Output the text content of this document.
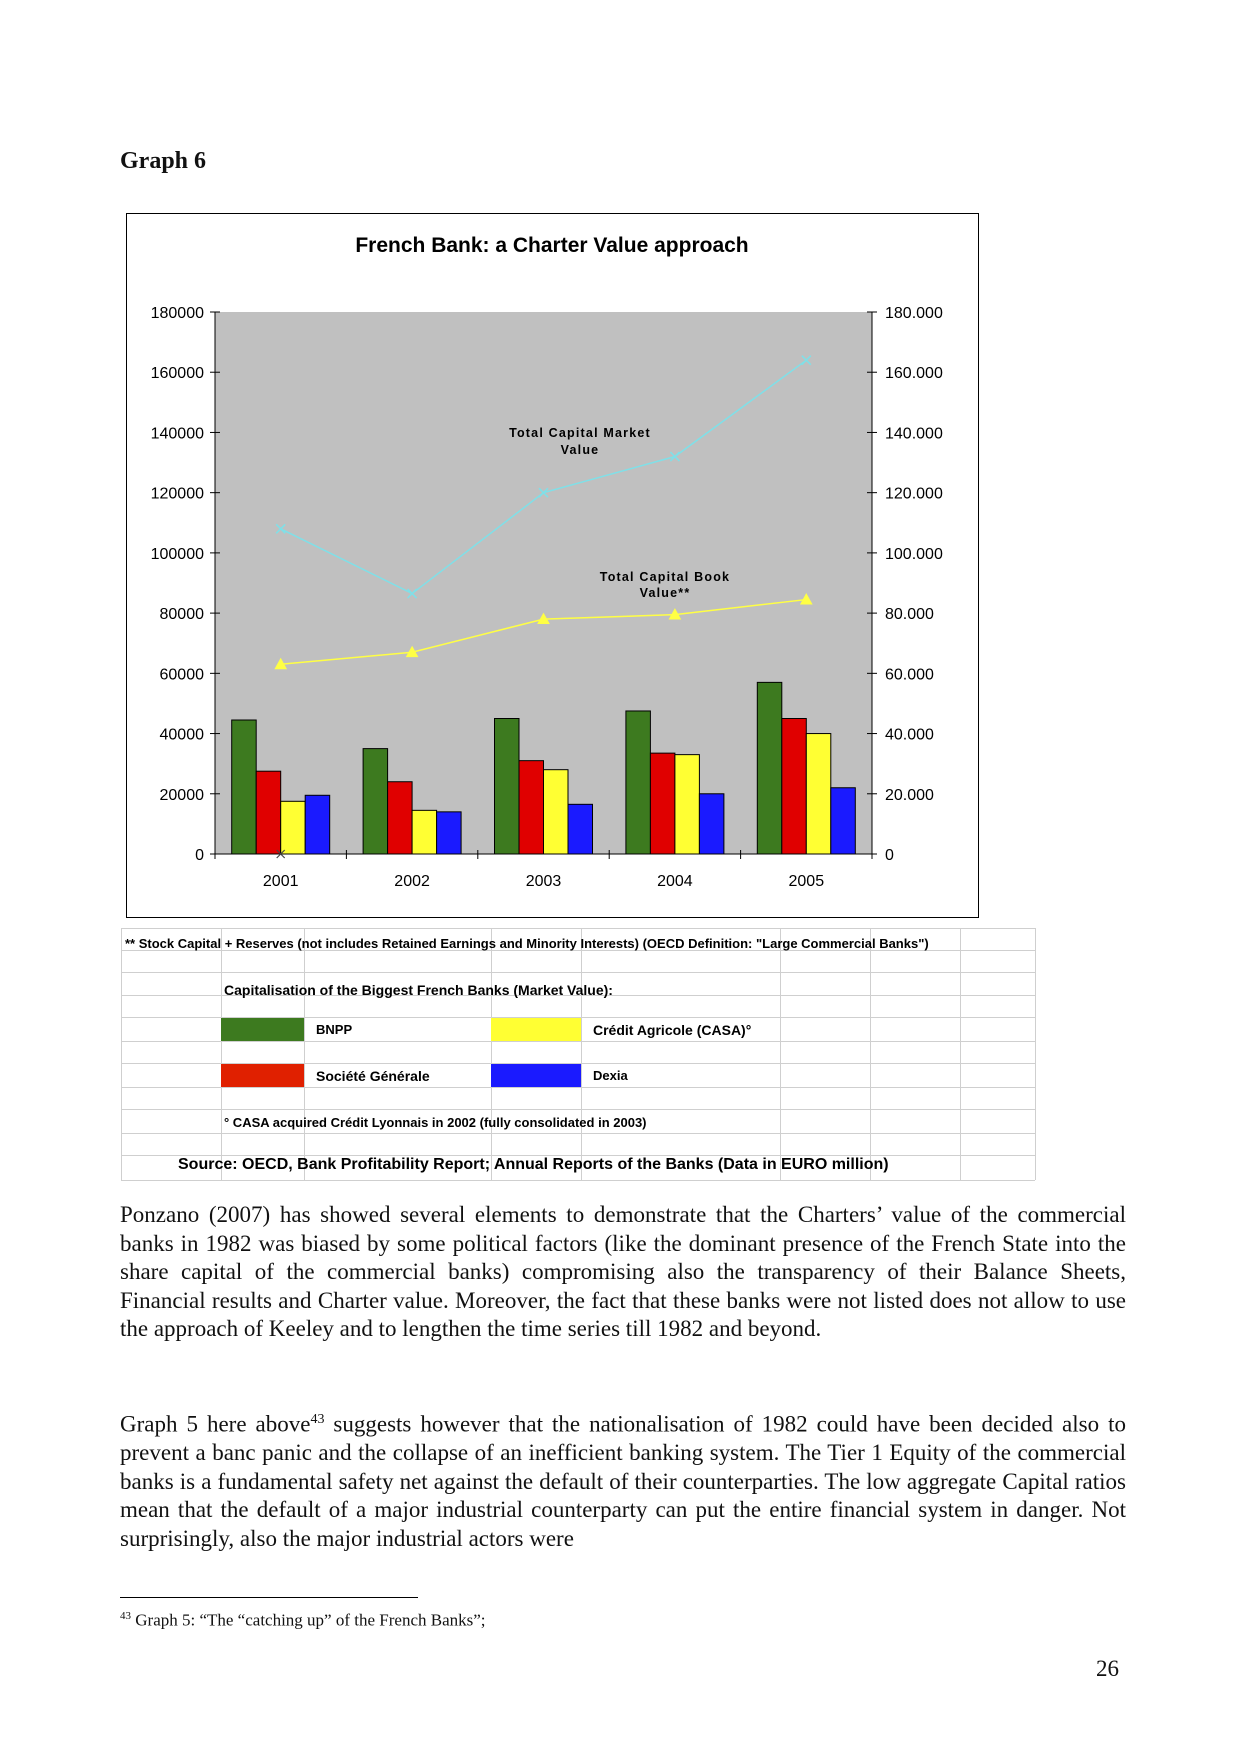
Graph 6
French Bank: a Charter Value approach
0	0
20000	20.000
40000	40.000
60000	60.000
80000	80.000
100000	100.000
120000	120.000
140000	140.000
160000	160.000
180000	180.000
2001	2002	2003	2004	2005
Total Capital Market
Value
Total Capital Book
Value**
** Stock Capital + Reserves (not includes Retained Earnings and Minority Interests) (OECD Definition: "Large Commercial Banks")
Capitalisation of the Biggest French Banks (Market Value):
BNPP	Crédit Agricole (CASA)°
Société Générale	Dexia
° CASA acquired Crédit Lyonnais in 2002 (fully consolidated in 2003)
Source: OECD, Bank Profitability Report; Annual Reports of the Banks (Data in EURO million)

Ponzano (2007) has showed several elements to demonstrate that the Charters’ value of the commercial banks in 1982 was biased by some political factors (like the dominant presence of the French State into the share capital of the commercial banks) compromising also the transparency of their Balance Sheets, Financial results and Charter value. Moreover, the fact that these banks were not listed does not allow to use the approach of Keeley and to lengthen the time series till 1982 and beyond.

Graph 5 here above$^{43}$ suggests however that the nationalisation of 1982 could have been decided also to prevent a banc panic and the collapse of an inefficient banking system. The Tier 1 Equity of the commercial banks is a fundamental safety net against the default of their counterparties. The low aggregate Capital ratios mean that the default of a major industrial counterparty can put the entire financial system in danger. Not surprisingly, also the major industrial actors were

$^{43}$ Graph 5: “The “catching up” of the French Banks”;
26
